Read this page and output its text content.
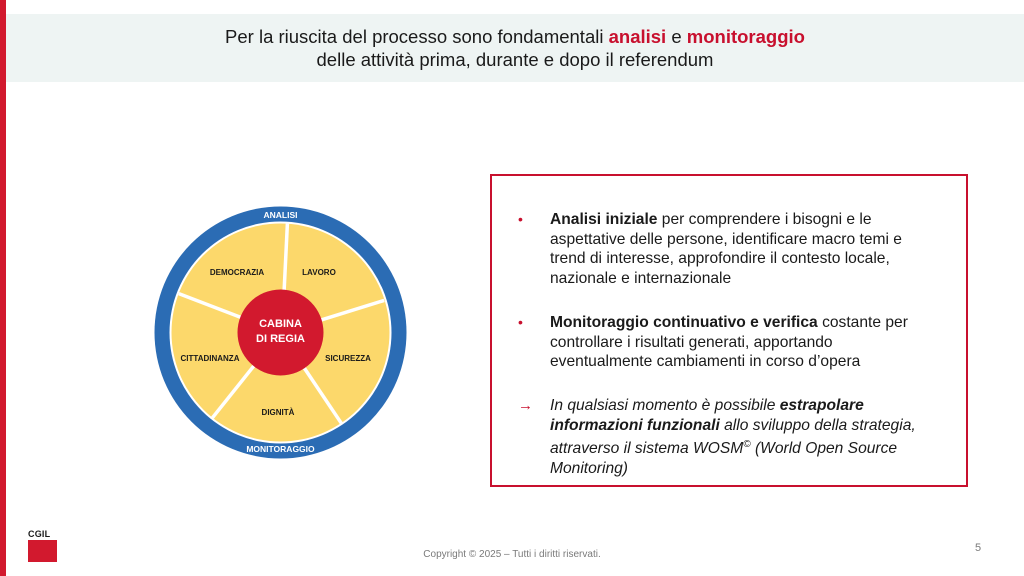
Per la riuscita del processo sono fondamentali analisi e monitoraggio
delle attività prima, durante e dopo il referendum
ANALISI
MONITORAGGIO
CABINA
DI REGIA
LAVORO
SICUREZZA
DIGNITÀ
CITTADINANZA
DEMOCRAZIA
• Analisi iniziale per comprendere i bisogni e le aspettative delle persone, identificare macro temi e trend di interesse, approfondire il contesto locale, nazionale e internazionale
• Monitoraggio continuativo e verifica costante per controllare i risultati generati, apportando eventualmente cambiamenti in corso d’opera
→ In qualsiasi momento è possibile estrapolare informazioni funzionali allo sviluppo della strategia, attraverso il sistema WOSM© (World Open Source Monitoring)
CGIL
Copyright © 2025 – Tutti i diritti riservati.
5
